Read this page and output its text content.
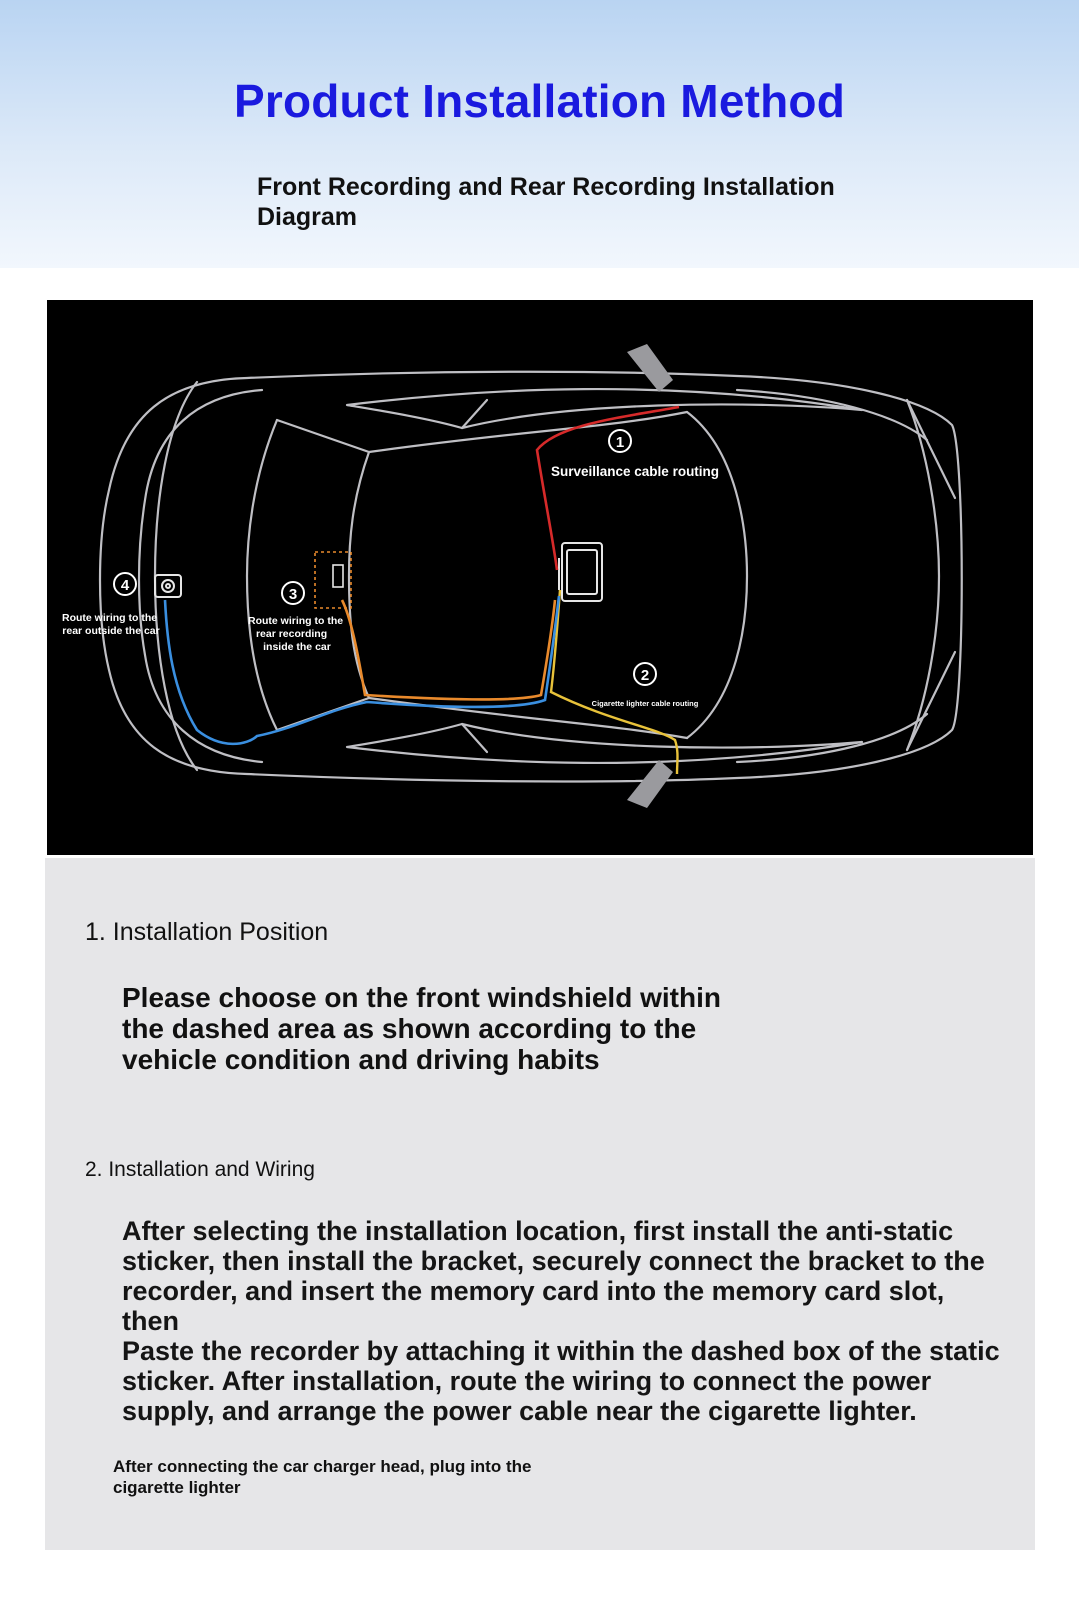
Product Installation Method
Front Recording and Rear Recording Installation Diagram
1
Surveillance cable routing
2
Cigarette lighter cable routing
3
Route wiring to the rear recording inside the car
4
Route wiring to the rear outside the car
1. Installation Position
Please choose on the front windshield within the dashed area as shown according to the vehicle condition and driving habits
2. Installation and Wiring
After selecting the installation location, first install the anti-static sticker, then install the bracket, securely connect the bracket to the recorder, and insert the memory card into the memory card slot, then
Paste the recorder by attaching it within the dashed box of the static sticker. After installation, route the wiring to connect the power supply, and arrange the power cable near the cigarette lighter.
After connecting the car charger head, plug into the cigarette lighter
